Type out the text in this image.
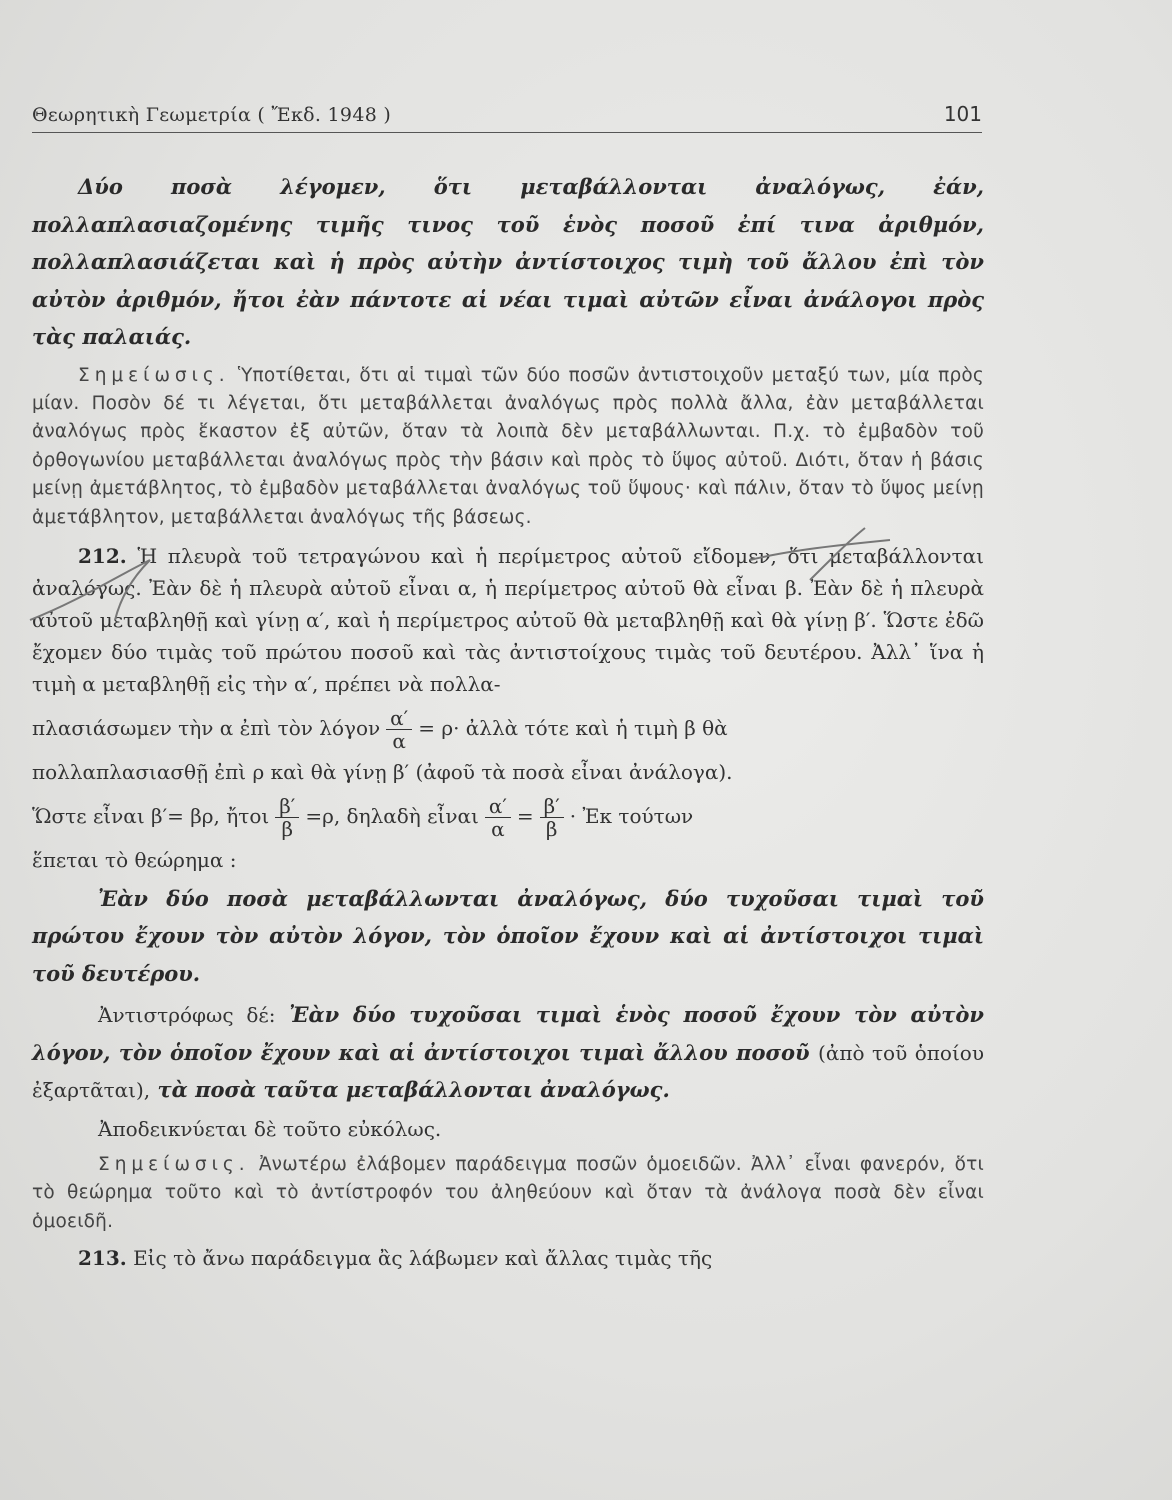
Θεωρητικὴ Γεωμετρία ( Ἔκδ. 1948 )	101

Δύο ποσὰ λέγομεν, ὅτι μεταβάλλονται ἀναλόγως, ἐάν, πολλαπλασιαζομένης τιμῆς τινος τοῦ ἑνὸς ποσοῦ ἐπί τινα ἀριθμόν, πολλαπλασιάζεται καὶ ἡ πρὸς αὐτὴν ἀντίστοιχος τιμὴ τοῦ ἄλλου ἐπὶ τὸν αὐτὸν ἀριθμόν, ἤτοι ἐὰν πάντοτε αἱ νέαι τιμαὶ αὐτῶν εἶναι ἀνάλογοι πρὸς τὰς παλαιάς.

Σημείωσις. Ὑποτίθεται, ὅτι αἱ τιμαὶ τῶν δύο ποσῶν ἀντιστοιχοῦν μεταξύ των, μία πρὸς μίαν. Ποσὸν δέ τι λέγεται, ὅτι μεταβάλλεται ἀναλόγως πρὸς πολλὰ ἄλλα, ἐὰν μεταβάλλεται ἀναλόγως πρὸς ἕκαστον ἐξ αὐτῶν, ὅταν τὰ λοιπὰ δὲν μεταβάλλωνται. Π.χ. τὸ ἐμβαδὸν τοῦ ὀρθογωνίου μεταβάλλεται ἀναλόγως πρὸς τὴν βάσιν καὶ πρὸς τὸ ὕψος αὐτοῦ. Διότι, ὅταν ἡ βάσις μείνῃ ἀμετάβλητος, τὸ ἐμβαδὸν μεταβάλλεται ἀναλόγως τοῦ ὕψους· καὶ πάλιν, ὅταν τὸ ὕψος μείνῃ ἀμετάβλητον, μεταβάλλεται ἀναλόγως τῆς βάσεως.

212. Ἡ πλευρὰ τοῦ τετραγώνου καὶ ἡ περίμετρος αὐτοῦ εἴδομεν, ὅτι μεταβάλλονται ἀναλόγως. Ἐὰν δὲ ἡ πλευρὰ αὐτοῦ εἶναι α, ἡ περίμετρος αὐτοῦ θὰ εἶναι β. Ἐὰν δὲ ἡ πλευρὰ αὐτοῦ μεταβληθῇ καὶ γίνῃ α′, καὶ ἡ περίμετρος αὐτοῦ θὰ μεταβληθῇ καὶ θὰ γίνῃ β′. Ὥστε ἐδῶ ἔχομεν δύο τιμὰς τοῦ πρώτου ποσοῦ καὶ τὰς ἀντιστοίχους τιμὰς τοῦ δευτέρου. Ἀλλ᾽ ἵνα ἡ τιμὴ α μεταβληθῇ εἰς τὴν α′, πρέπει νὰ πολλα-

πλασιάσωμεν τὴν α ἐπὶ τὸν λόγον $\frac{\alpha'}{\alpha} = \rho\cdot$ ἀλλὰ τότε καὶ ἡ τιμὴ β θὰ

πολλαπλασιασθῇ ἐπὶ ρ καὶ θὰ γίνῃ β′ (ἀφοῦ τὰ ποσὰ εἶναι ἀνάλογα).

Ὥστε εἶναι β′= βρ, ἤτοι $\frac{\beta'}{\beta} =\rho$, δηλαδὴ εἶναι $\frac{\alpha'}{\alpha} = \frac{\beta'}{\beta}$ · Ἐκ τούτων

ἕπεται τὸ θεώρημα :

Ἐὰν δύο ποσὰ μεταβάλλωνται ἀναλόγως, δύο τυχοῦσαι τιμαὶ τοῦ πρώτου ἔχουν τὸν αὐτὸν λόγον, τὸν ὁποῖον ἔχουν καὶ αἱ ἀντίστοιχοι τιμαὶ τοῦ δευτέρου.

Ἀντιστρόφως δέ: Ἐὰν δύο τυχοῦσαι τιμαὶ ἑνὸς ποσοῦ ἔχουν τὸν αὐτὸν λόγον, τὸν ὁποῖον ἔχουν καὶ αἱ ἀντίστοιχοι τιμαὶ ἄλλου ποσοῦ (ἀπὸ τοῦ ὁποίου ἐξαρτᾶται), τὰ ποσὰ ταῦτα μεταβάλλονται ἀναλόγως.

Ἀποδεικνύεται δὲ τοῦτο εὐκόλως.

Σημείωσις. Ἀνωτέρω ἐλάβομεν παράδειγμα ποσῶν ὁμοειδῶν. Ἀλλ᾽ εἶναι φανερόν, ὅτι τὸ θεώρημα τοῦτο καὶ τὸ ἀντίστροφόν του ἀληθεύουν καὶ ὅταν τὰ ἀνάλογα ποσὰ δὲν εἶναι ὁμοειδῆ.

213. Εἰς τὸ ἄνω παράδειγμα ἂς λάβωμεν καὶ ἄλλας τιμὰς τῆς
